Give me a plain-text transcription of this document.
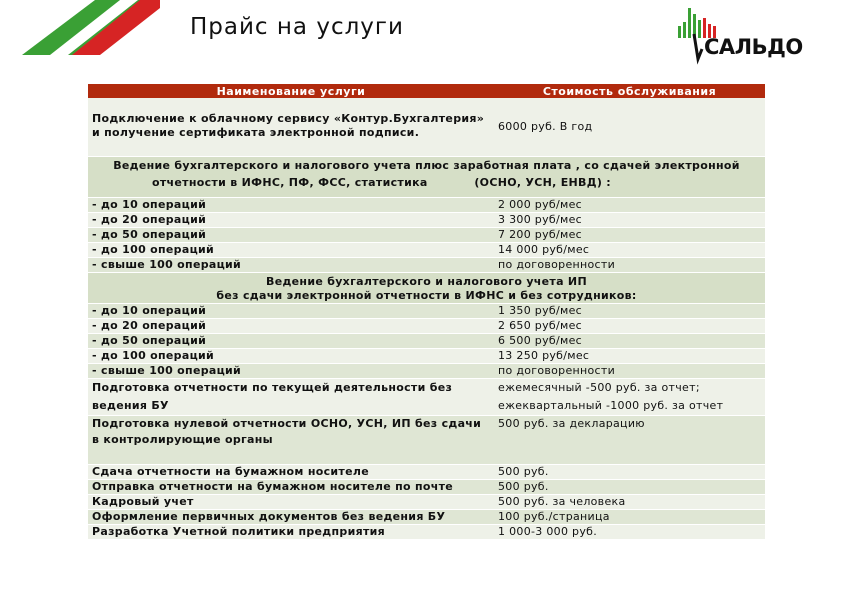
Прайс на услуги
САЛЬДО
Наименование услуги	Стоимость обслуживания
Подключение к облачному сервису «Контур.Бухгалтерия» и получение сертификата электронной подписи.	6000 руб. В год

Ведение бухгалтерского и налогового учета плюс заработная плата , со сдачей электронной
отчетности в ИФНС, ПФ, ФСС, статистика (ОСНО, УСН, ЕНВД) :	

- до 10 операций	2 000 руб/мес
- до 20 операций	3 300 руб/мес
- до 50 операций	7 200 руб/мес
- до 100 операций	14 000 руб/мес
- свыше 100 операций	по договоренности

Ведение бухгалтерского и налогового учета ИП
без сдачи электронной отчетности в ИФНС и без сотрудников:	

- до 10 операций	1 350 руб/мес
- до 20 операций	2 650 руб/мес
- до 50 операций	6 500 руб/мес
- до 100 операций	13 250 руб/мес
- свыше 100 операций	по договоренности
Подготовка отчетности по текущей деятельности без ведения БУ	ежемесячный -500 руб. за отчет;
ежеквартальный -1000 руб. за отчет

Подготовка нулевой отчетности ОСНО, УСН, ИП без сдачи в контролирующие органы	500 руб. за декларацию
Сдача отчетности на бумажном носителе	500 руб.
Отправка отчетности на бумажном носителе по почте	500 руб.
Кадровый учет	500 руб. за человека
Оформление первичных документов без ведения БУ	100 руб./страница
Разработка Учетной политики предприятия	1 000-3 000 руб.
